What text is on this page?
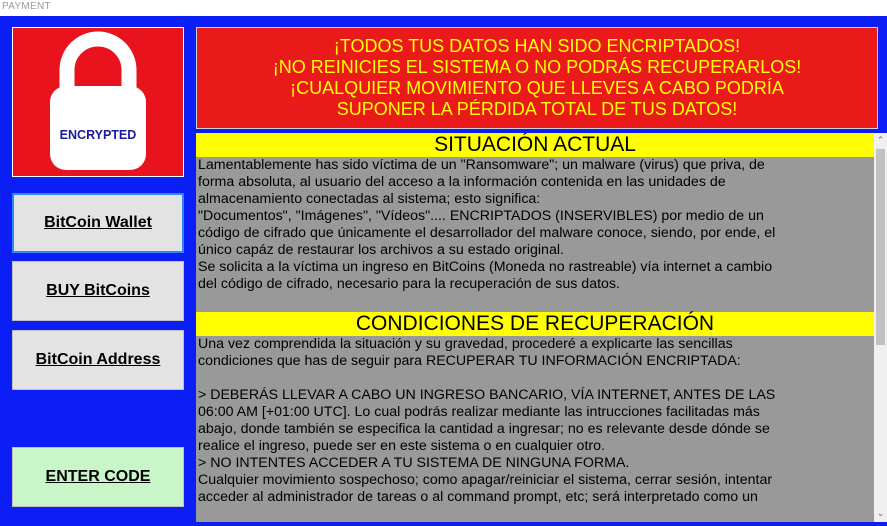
PAYMENT
ENCRYPTED
BitCoin Wallet
BUY BitCoins
BitCoin Address
ENTER CODE
¡TODOS TUS DATOS HAN SIDO ENCRIPTADOS!
¡NO REINICIES EL SISTEMA O NO PODRÁS RECUPERARLOS!
¡CUALQUIER MOVIMIENTO QUE LLEVES A CABO PODRÍA
SUPONER LA PÉRDIDA TOTAL DE TUS DATOS!
SITUACIÓN ACTUAL
Lamentablemente has sido víctima de un "Ransomware"; un malware (virus) que priva, de
forma absoluta, al usuario del acceso a la información contenida en las unidades de
almacenamiento conectadas al sistema; esto significa:
"Documentos", "Imágenes", "Vídeos".... ENCRIPTADOS (INSERVIBLES) por medio de un
código de cifrado que únicamente el desarrollador del malware conoce, siendo, por ende, el
único capáz de restaurar los archivos a su estado original.
Se solicita a la víctima un ingreso en BitCoins (Moneda no rastreable) vía internet a cambio
del código de cifrado, necesario para la recuperación de sus datos.
CONDICIONES DE RECUPERACIÓN
Una vez comprendida la situación y su gravedad, procederé a explicarte las sencillas
condiciones que has de seguir para RECUPERAR TU INFORMACIÓN ENCRIPTADA:
> DEBERÁS LLEVAR A CABO UN INGRESO BANCARIO, VÍA INTERNET, ANTES DE LAS
06:00 AM [+01:00 UTC]. Lo cual podrás realizar mediante las intrucciones facilitadas más
abajo, donde también se especifica la cantidad a ingresar; no es relevante desde dónde se
realice el ingreso, puede ser en este sistema o en cualquier otro.
> NO INTENTES ACCEDER A TU SISTEMA DE NINGUNA FORMA.
Cualquier movimiento sospechoso; como apagar/reiniciar el sistema, cerrar sesión, intentar
acceder al administrador de tareas o al command prompt, etc; será interpretado como un
⌃
⌄
